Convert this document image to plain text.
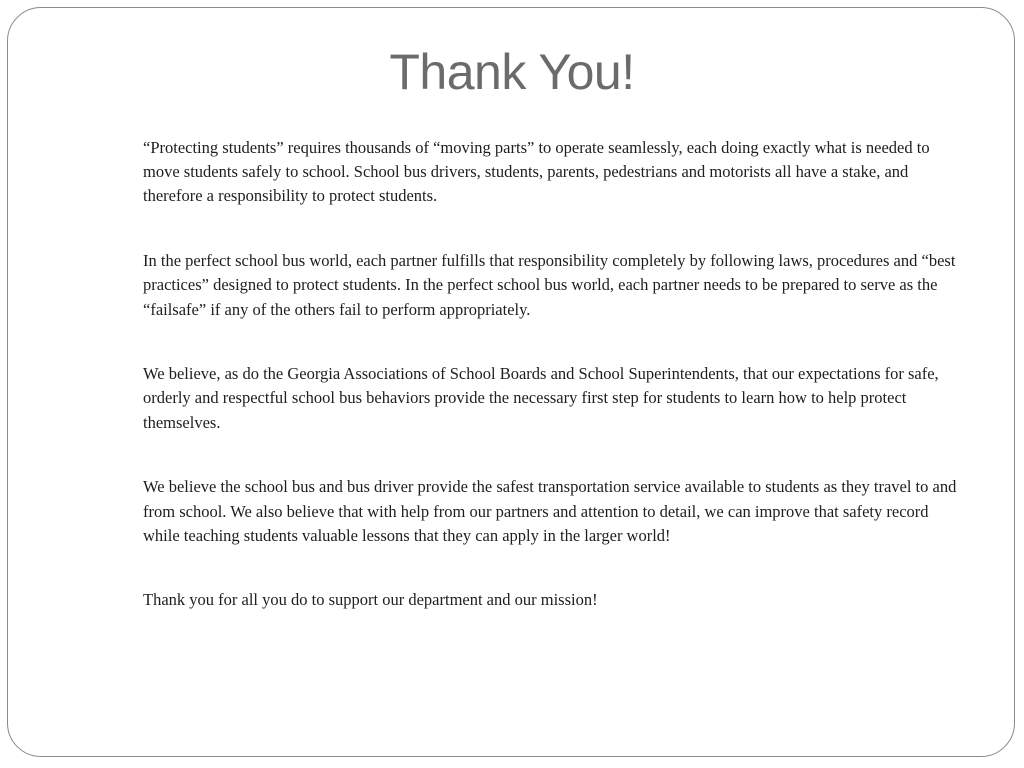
Thank You!

“Protecting students” requires thousands of “moving parts” to operate seamlessly, each doing exactly what is needed to move students safely to school. School bus drivers, students, parents, pedestrians and motorists all have a stake, and therefore a responsibility to protect students.

In the perfect school bus world, each partner fulfills that responsibility completely by following laws, procedures and “best practices” designed to protect students. In the perfect school bus world, each partner needs to be prepared to serve as the “failsafe” if any of the others fail to perform appropriately.

We believe, as do the Georgia Associations of School Boards and School Superintendents, that our expectations for safe, orderly and respectful school bus behaviors provide the necessary first step for students to learn how to help protect themselves.

We believe the school bus and bus driver provide the safest transportation service available to students as they travel to and from school. We also believe that with help from our partners and attention to detail, we can improve that safety record while teaching students valuable lessons that they can apply in the larger world!

Thank you for all you do to support our department and our mission!
